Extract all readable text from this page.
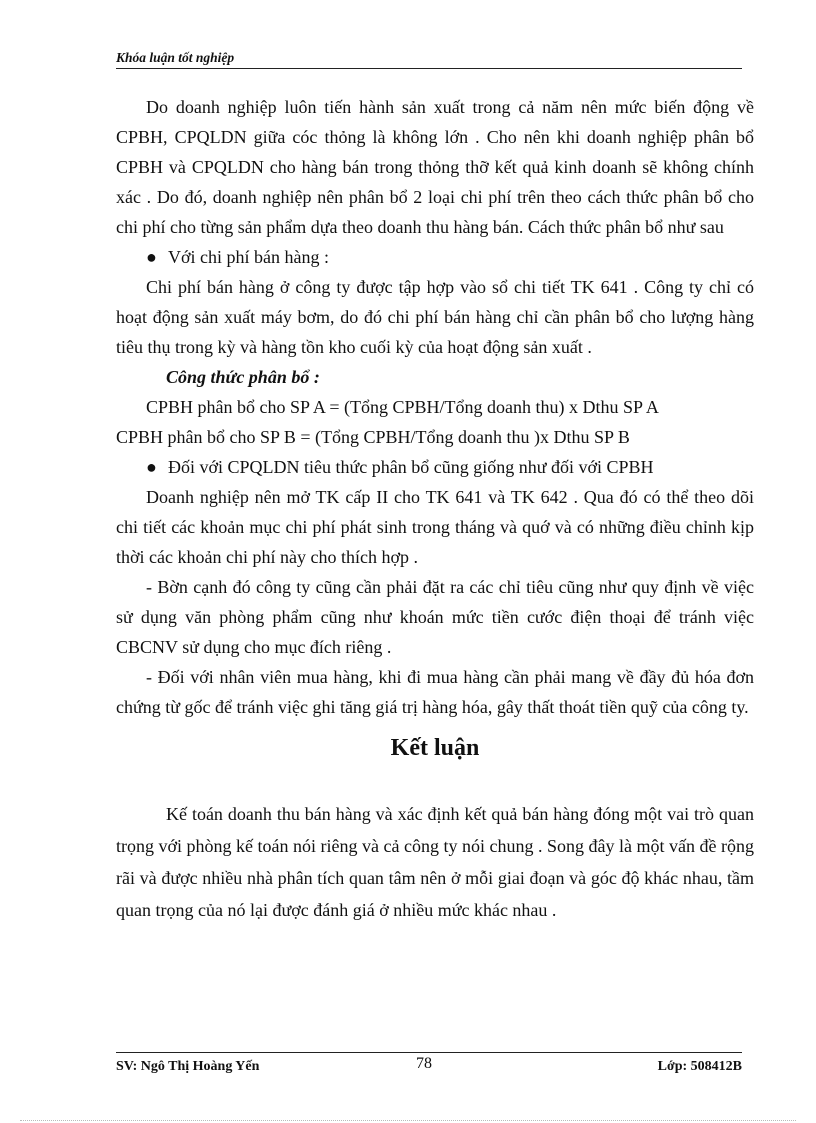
Khóa luận tốt nghiệp

Do doanh nghiệp luôn tiến hành sản xuất trong cả năm nên mức biến động về CPBH, CPQLDN giữa cóc thỏng là không lớn . Cho nên khi doanh nghiệp phân bổ CPBH và CPQLDN cho hàng bán trong thỏng thỡ kết quả kinh doanh sẽ không chính xác . Do đó, doanh nghiệp nên phân bổ 2 loại chi phí trên theo cách thức phân bổ cho chi phí cho từng sản phẩm dựa theo doanh thu hàng bán. Cách thức phân bổ như sau

● Với chi phí bán hàng :

Chi phí bán hàng ở công ty được tập hợp vào sổ chi tiết TK 641 . Công ty chỉ có hoạt động sản xuất máy bơm, do đó chi phí bán hàng chỉ cần phân bổ cho lượng hàng tiêu thụ trong kỳ và hàng tồn kho cuối kỳ của hoạt động sản xuất .

Công thức phân bổ :

CPBH phân bổ cho SP A = (Tổng CPBH/Tổng doanh thu) x Dthu SP A

CPBH phân bổ cho SP B = (Tổng CPBH/Tổng doanh thu )x Dthu SP B

● Đối với CPQLDN tiêu thức phân bổ cũng giống như đối với CPBH

Doanh nghiệp nên mở TK cấp II cho TK 641 và TK 642 . Qua đó có thể theo dõi chi tiết các khoản mục chi phí phát sinh trong tháng và quớ và có những điều chỉnh kịp thời các khoản chi phí này cho thích hợp .

- Bờn cạnh đó công ty cũng cần phải đặt ra các chỉ tiêu cũng như quy định về việc sử dụng văn phòng phẩm cũng như khoán mức tiền cước điện thoại để tránh việc CBCNV sử dụng cho mục đích riêng .

- Đối với nhân viên mua hàng, khi đi mua hàng cần phải mang về đầy đủ hóa đơn chứng từ gốc để tránh việc ghi tăng giá trị hàng hóa, gây thất thoát tiền quỹ của công ty.

Kết luận

Kế toán doanh thu bán hàng và xác định kết quả bán hàng đóng một vai trò quan trọng với phòng kế toán nói riêng và cả công ty nói chung . Song đây là một vấn đề rộng rãi và được nhiều nhà phân tích quan tâm nên ở mỗi giai đoạn và góc độ khác nhau, tầm quan trọng của nó lại được đánh giá ở nhiều mức khác nhau .

SV: Ngô Thị Hoàng Yến	78	Lớp: 508412B
